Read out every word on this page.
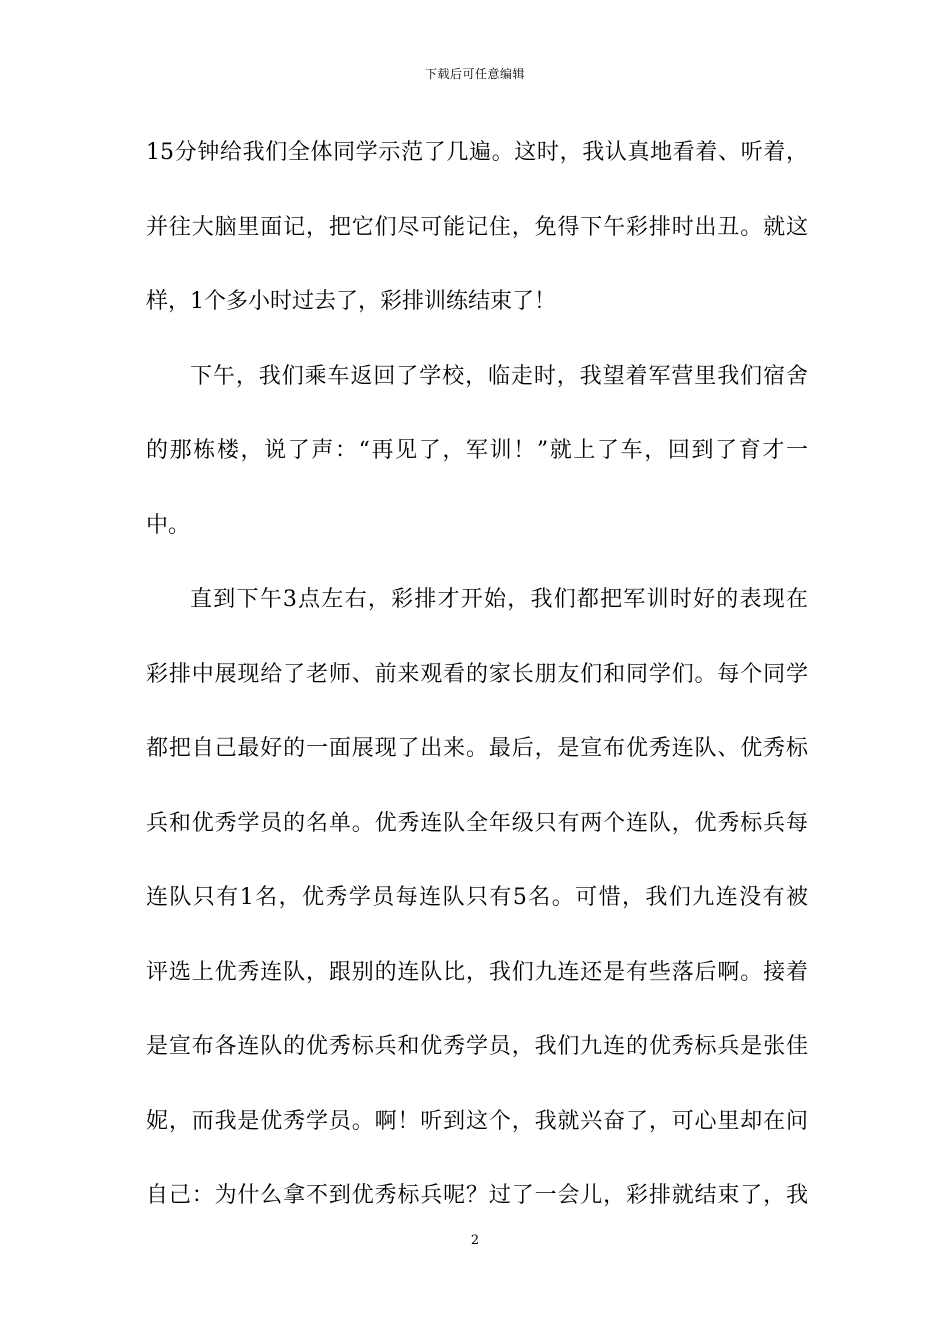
下载后可任意编辑
15分钟给我们全体同学示范了几遍。这时，我认真地看着、听着，
并往大脑里面记，把它们尽可能记住，免得下午彩排时出丑。就这
样，1个多小时过去了，彩排训练结束了！
下午，我们乘车返回了学校，临走时，我望着军营里我们宿舍
的那栋楼，说了声：“再见了，军训！”就上了车，回到了育才一
中。
直到下午3点左右，彩排才开始，我们都把军训时好的表现在
彩排中展现给了老师、前来观看的家长朋友们和同学们。每个同学
都把自己最好的一面展现了出来。最后，是宣布优秀连队、优秀标
兵和优秀学员的名单。优秀连队全年级只有两个连队，优秀标兵每
连队只有1名，优秀学员每连队只有5名。可惜，我们九连没有被
评选上优秀连队，跟别的连队比，我们九连还是有些落后啊。接着
是宣布各连队的优秀标兵和优秀学员，我们九连的优秀标兵是张佳
妮，而我是优秀学员。啊！听到这个，我就兴奋了，可心里却在问
自己：为什么拿不到优秀标兵呢？过了一会儿，彩排就结束了，我
2
